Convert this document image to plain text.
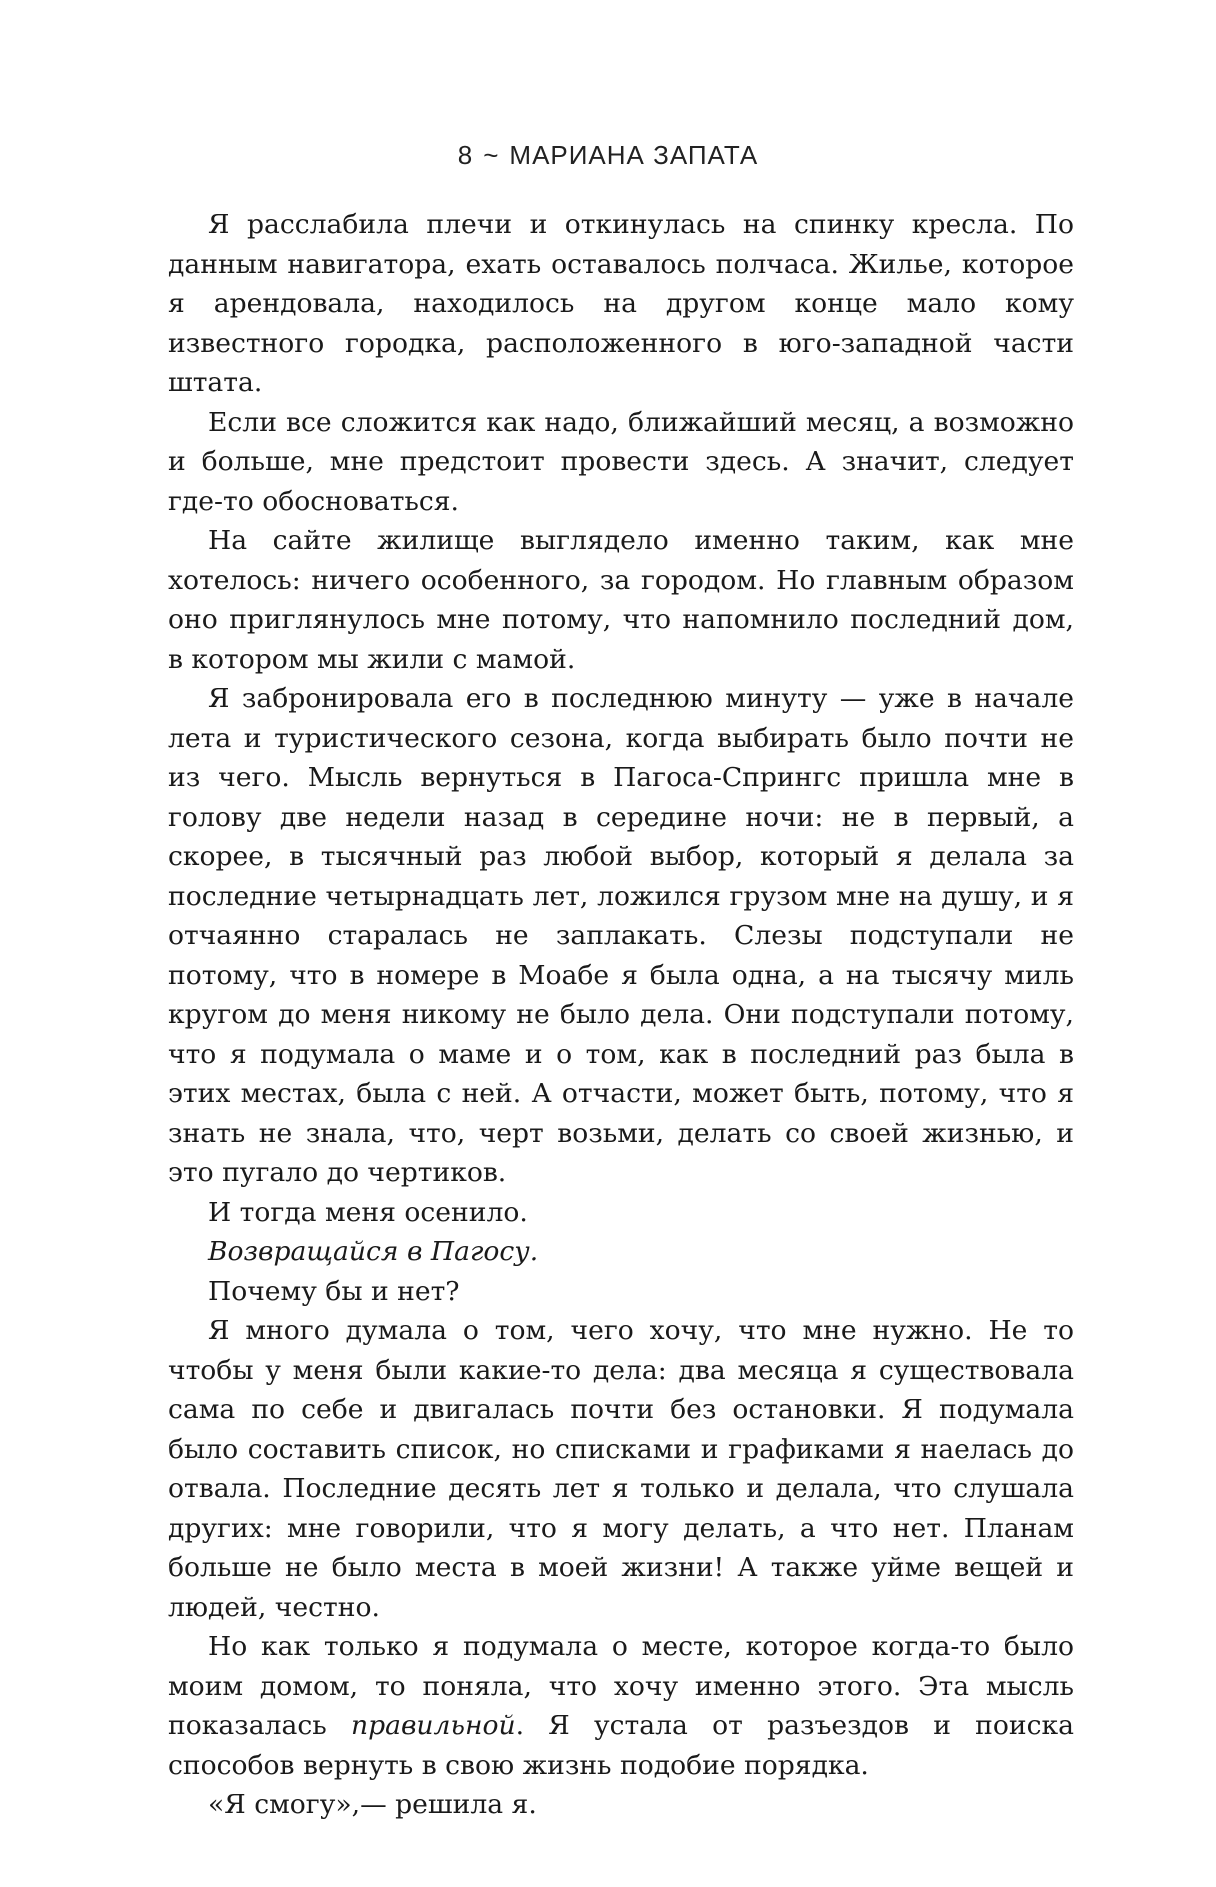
8 ~ МАРИАНА ЗАПАТА

Я расслабила плечи и откинулась на спинку кресла. По данным навигатора, ехать оставалось полчаса. Жилье, которое я арендовала, находилось на другом конце мало кому известного городка, расположенного в юго-западной части штата.

Если все сложится как надо, ближайший месяц, а возможно и больше, мне предстоит провести здесь. А значит, следует где-то обосноваться.

На сайте жилище выглядело именно таким, как мне хотелось: ничего особенного, за городом. Но главным образом оно приглянулось мне потому, что напомнило последний дом, в котором мы жили с мамой.

Я забронировала его в последнюю минуту — уже в начале лета и туристического сезона, когда выбирать было почти не из чего. Мысль вернуться в Пагоса-Спрингс пришла мне в голову две недели назад в середине ночи: не в первый, а скорее, в тысячный раз любой выбор, который я делала за последние четырнадцать лет, ложился грузом мне на душу, и я отчаянно старалась не заплакать. Слезы подступали не потому, что в номере в Моабе я была одна, а на тысячу миль кругом до меня никому не было дела. Они подступали потому, что я подумала о маме и о том, как в последний раз была в этих местах, была с ней. А отчасти, может быть, потому, что я знать не знала, что, черт возьми, делать со своей жизнью, и это пугало до чертиков.

И тогда меня осенило.

Возвращайся в Пагосу.

Почему бы и нет?

Я много думала о том, чего хочу, что мне нужно. Не то чтобы у меня были какие-то дела: два месяца я существовала сама по себе и двигалась почти без остановки. Я подумала было составить список, но списками и графиками я наелась до отвала. Последние десять лет я только и делала, что слушала других: мне говорили, что я могу делать, а что нет. Планам больше не было места в моей жизни! А также уйме вещей и людей, честно.

Но как только я подумала о месте, которое когда-то было моим домом, то поняла, что хочу именно этого. Эта мысль показалась правильной. Я устала от разъездов и поиска способов вернуть в свою жизнь подобие порядка.

«Я смогу»,— решила я.
